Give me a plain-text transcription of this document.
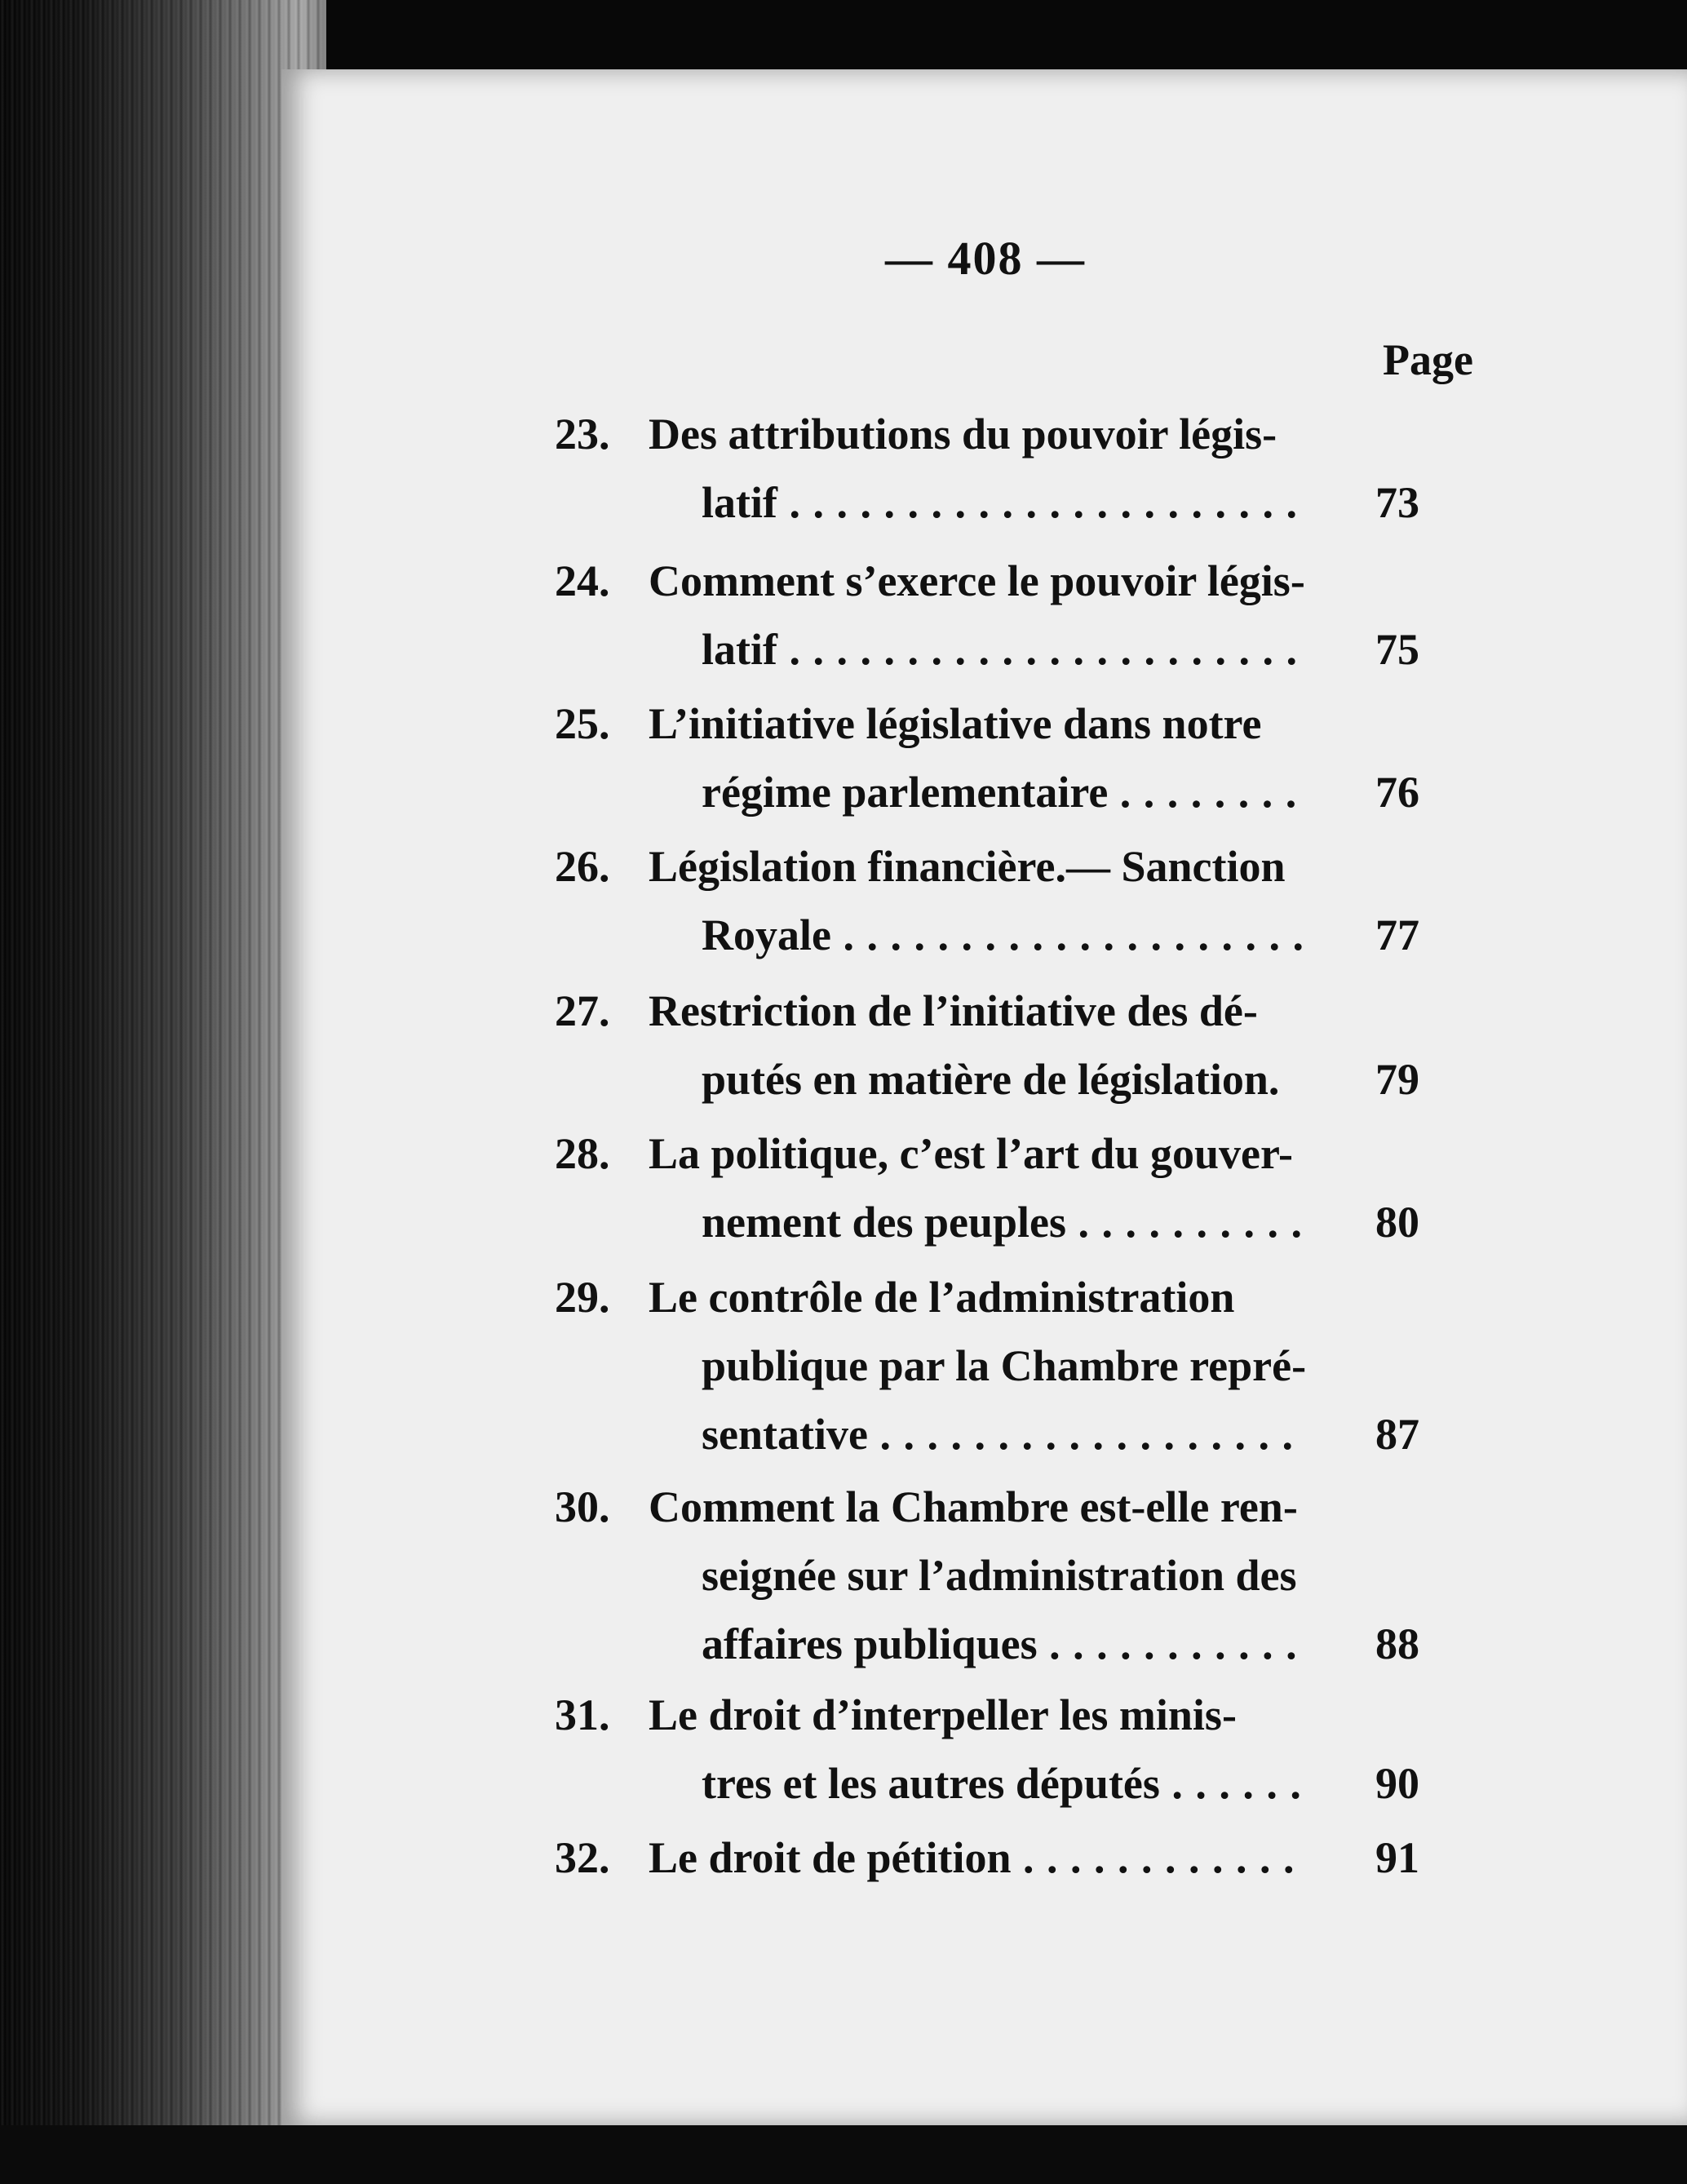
— 408 —
Page
23. Des attributions du pouvoir légis-
latif . . .	73
24. Comment s’exerce le pouvoir légis-
latif . . .	75
25. L’initiative législative dans notre
régime parlementaire . . .	76
26. Législation financière.— Sanction
Royale . . .	77
27. Restriction de l’initiative des dé-
putés en matière de législation.	79
28. La politique, c’est l’art du gouver-
nement des peuples . . .	80
29. Le contrôle de l’administration
publique par la Chambre repré-
sentative . . .	87
30. Comment la Chambre est-elle ren-
seignée sur l’administration des
affaires publiques . . .	88
31. Le droit d’interpeller les minis-
tres et les autres députés . . .	90
32. Le droit de pétition . . .	91
